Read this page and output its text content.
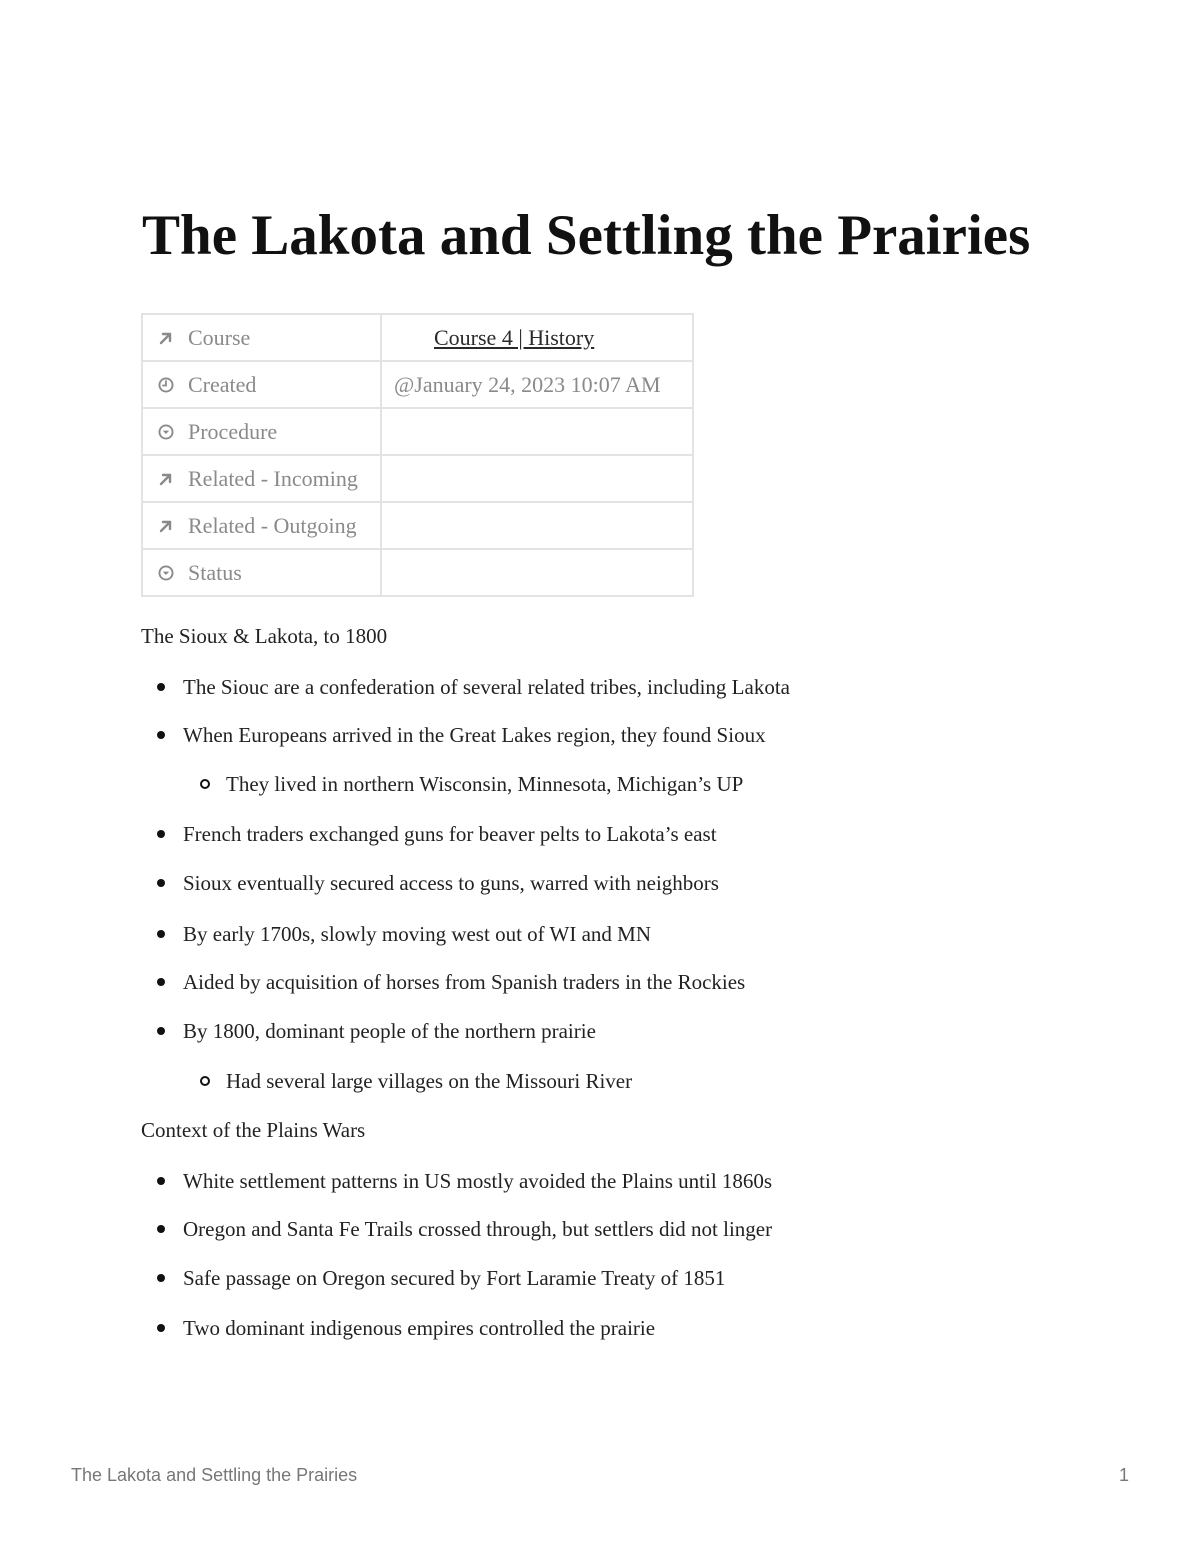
The Lakota and Settling the Prairies
Course	Course 4 | History

Created	@January 24, 2023 10:07 AM

Procedure	

Related - Incoming	

Related - Outgoing	

Status	

The Sioux & Lakota, to 1800

The Siouc are a confederation of several related tribes, including Lakota
When Europeans arrived in the Great Lakes region, they found Sioux
They lived in northern Wisconsin, Minnesota, Michigan’s UP
French traders exchanged guns for beaver pelts to Lakota’s east
Sioux eventually secured access to guns, warred with neighbors
By early 1700s, slowly moving west out of WI and MN
Aided by acquisition of horses from Spanish traders in the Rockies
By 1800, dominant people of the northern prairie
Had several large villages on the Missouri River

Context of the Plains Wars

White settlement patterns in US mostly avoided the Plains until 1860s
Oregon and Santa Fe Trails crossed through, but settlers did not linger
Safe passage on Oregon secured by Fort Laramie Treaty of 1851
Two dominant indigenous empires controlled the prairie
The Lakota and Settling the Prairies	1
